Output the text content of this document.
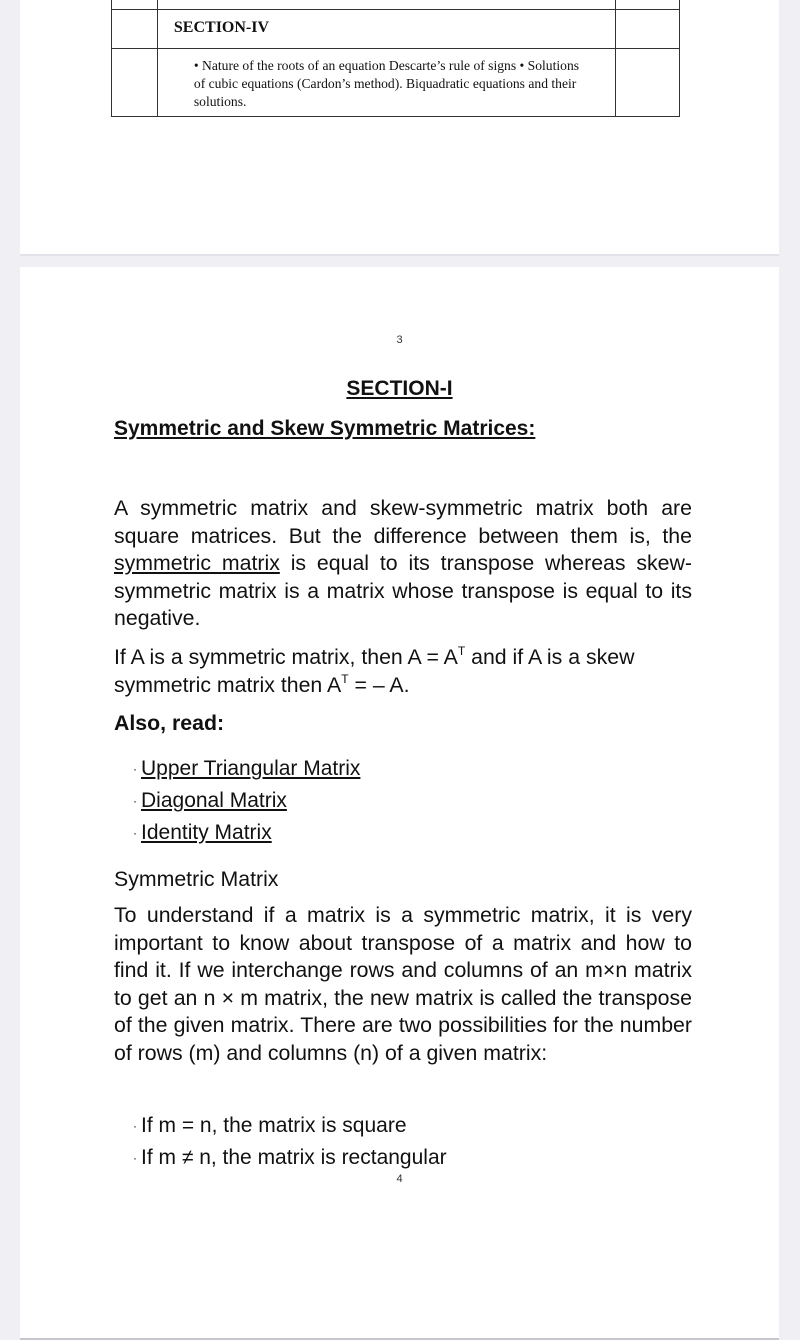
	SECTION-IV	

	• Nature of the roots of an equation Descarte’s rule of signs • Solutions of cubic equations (Cardon’s method). Biquadratic equations and their solutions.	

3
SECTION-I
Symmetric and Skew Symmetric Matrices:
A symmetric matrix and skew-symmetric matrix both are square matrices. But the difference between them is, the symmetric matrix is equal to its transpose whereas skew-symmetric matrix is a matrix whose transpose is equal to its negative.
If A is a symmetric matrix, then $A = A^T$ and if A is a skew symmetric matrix then $A^T$ = – A.
Also, read:
· Upper Triangular Matrix
· Diagonal Matrix
· Identity Matrix
Symmetric Matrix
To understand if a matrix is a symmetric matrix, it is very important to know about transpose of a matrix and how to find it. If we interchange rows and columns of an m×n matrix to get an n × m matrix, the new matrix is called the transpose of the given matrix. There are two possibilities for the number of rows (m) and columns (n) of a given matrix:
· If m = n, the matrix is square
· If m ≠ n, the matrix is rectangular
4
